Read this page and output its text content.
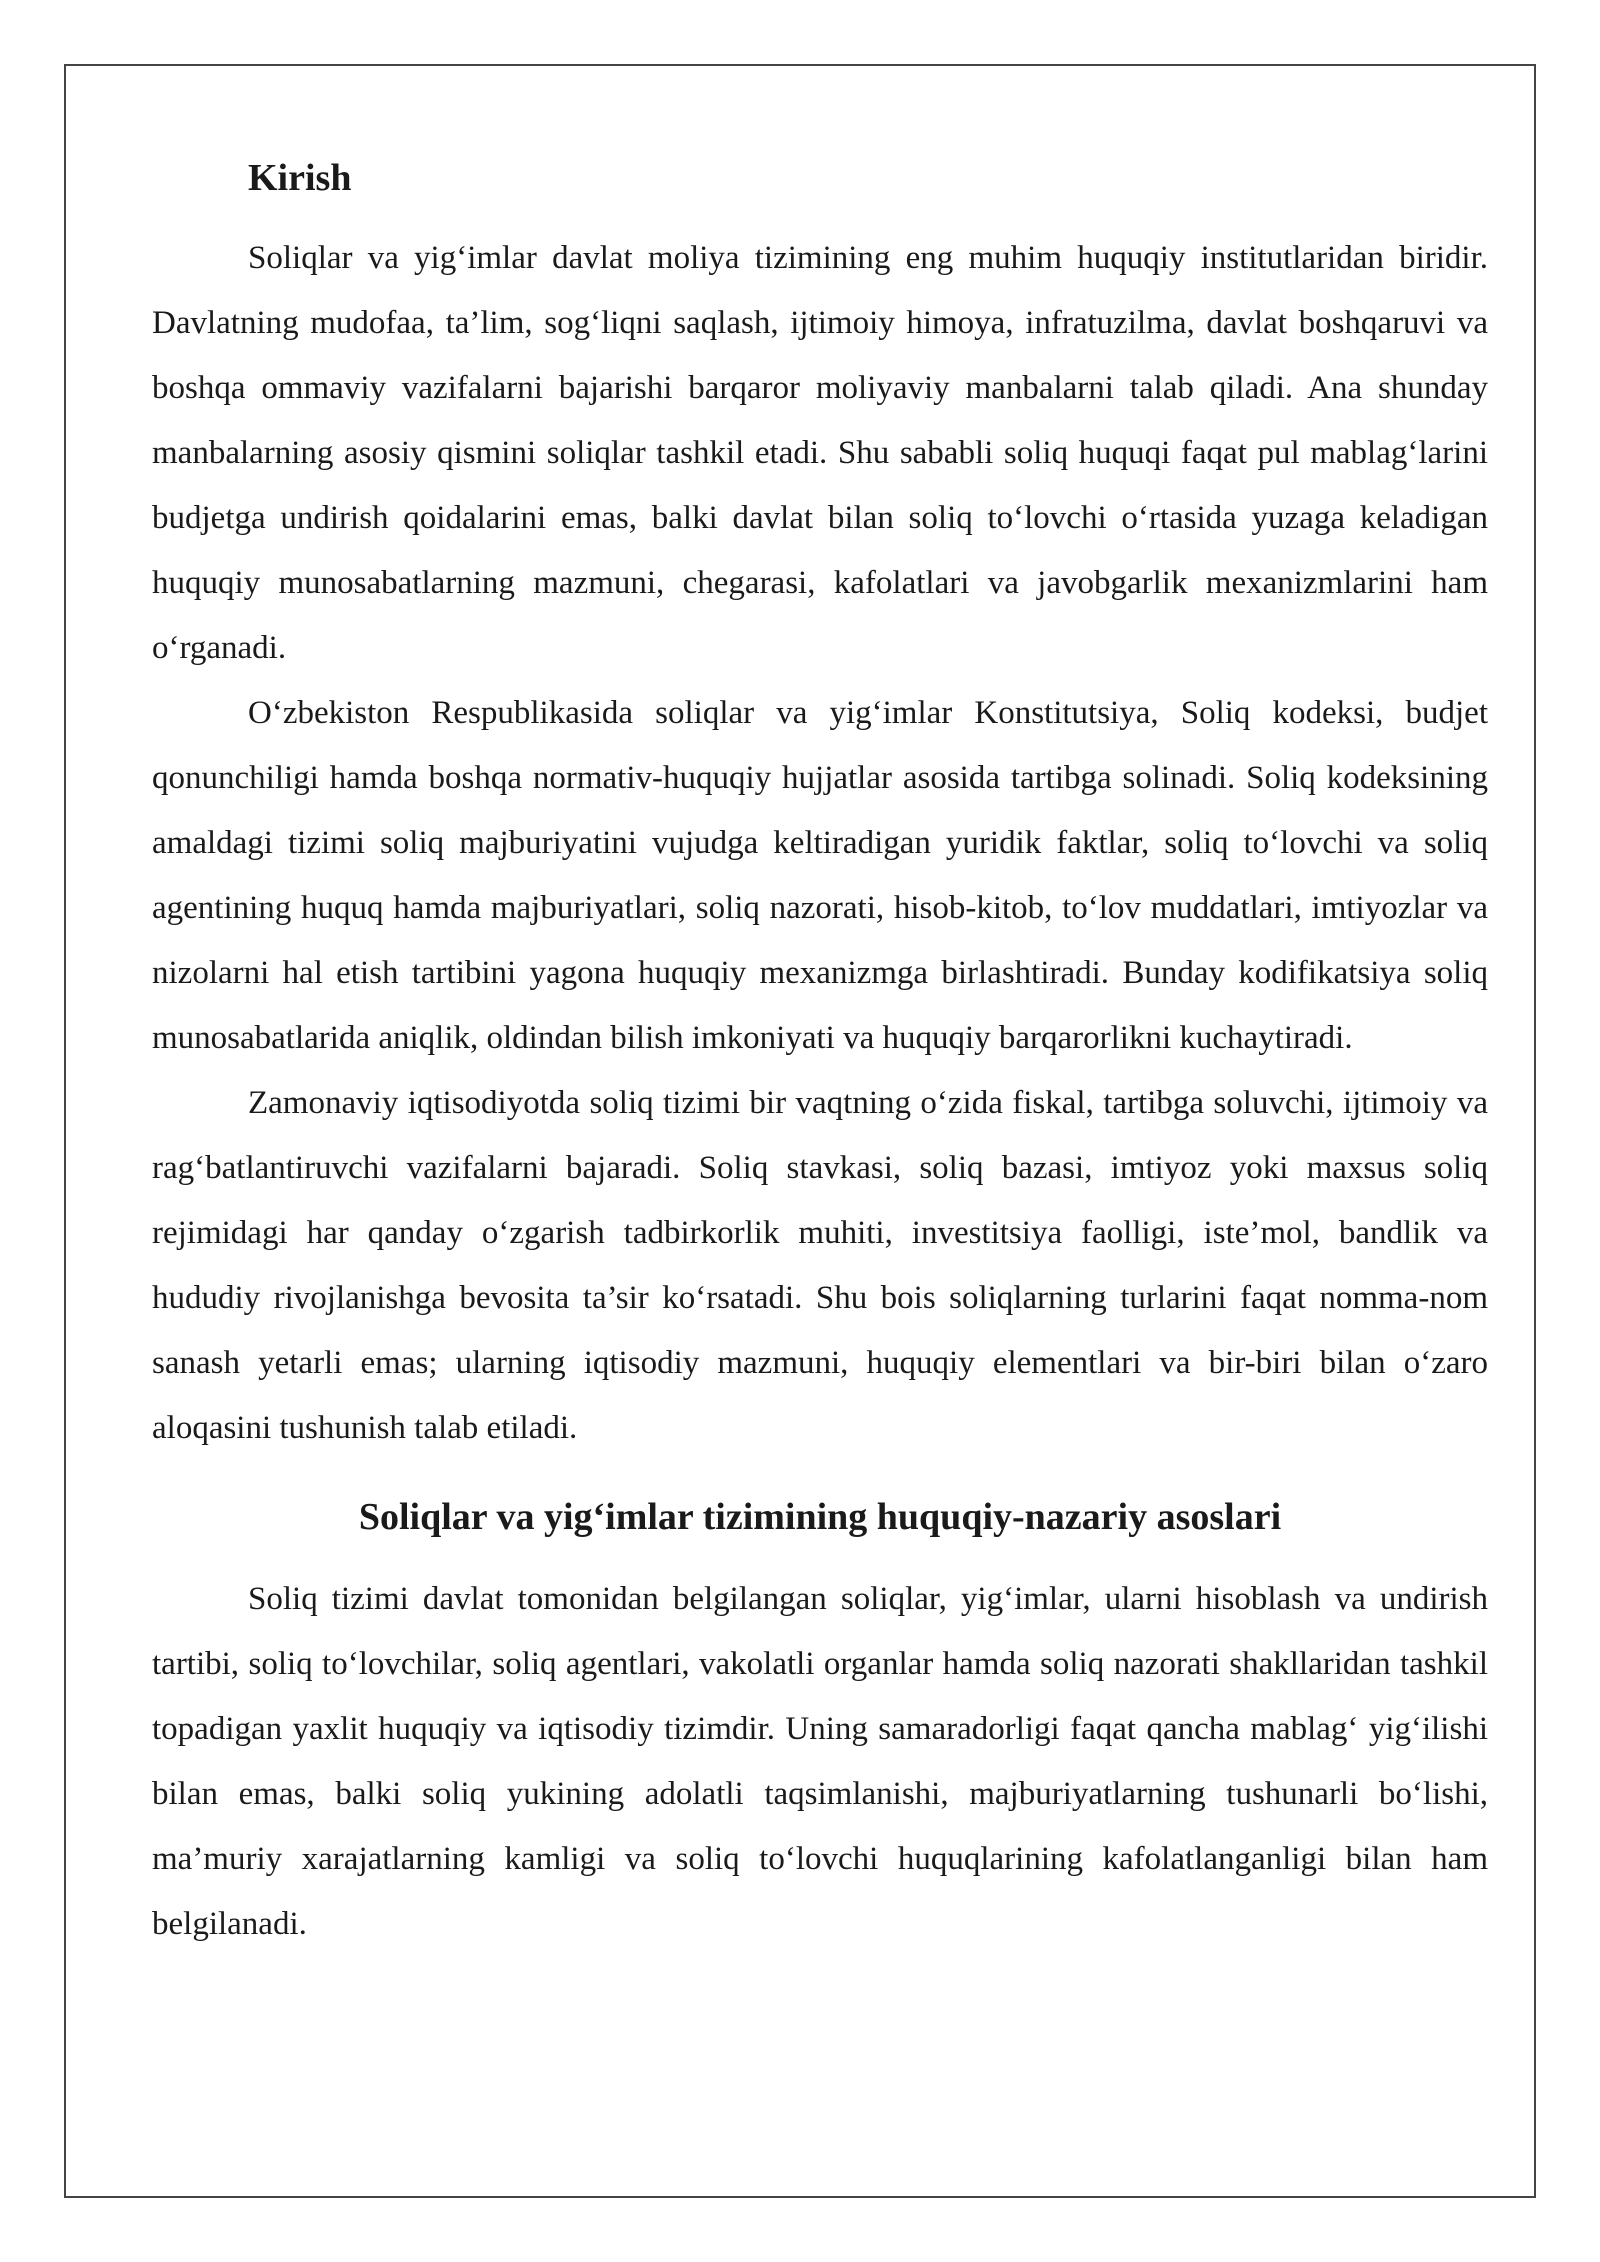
Kirish

Soliqlar va yig‘imlar davlat moliya tizimining eng muhim huquqiy institutlaridan biridir. Davlatning mudofaa, ta’lim, sog‘liqni saqlash, ijtimoiy himoya, infratuzilma, davlat boshqaruvi va boshqa ommaviy vazifalarni bajarishi barqaror moliyaviy manbalarni talab qiladi. Ana shunday manbalarning asosiy qismini soliqlar tashkil etadi. Shu sababli soliq huquqi faqat pul mablag‘larini budjetga undirish qoidalarini emas, balki davlat bilan soliq to‘lovchi o‘rtasida yuzaga keladigan huquqiy munosabatlarning mazmuni, chegarasi, kafolatlari va javobgarlik mexanizmlarini ham o‘rganadi.

O‘zbekiston Respublikasida soliqlar va yig‘imlar Konstitutsiya, Soliq kodeksi, budjet qonunchiligi hamda boshqa normativ-huquqiy hujjatlar asosida tartibga solinadi. Soliq kodeksining amaldagi tizimi soliq majburiyatini vujudga keltiradigan yuridik faktlar, soliq to‘lovchi va soliq agentining huquq hamda majburiyatlari, soliq nazorati, hisob-kitob, to‘lov muddatlari, imtiyozlar va nizolarni hal etish tartibini yagona huquqiy mexanizmga birlashtiradi. Bunday kodifikatsiya soliq munosabatlarida aniqlik, oldindan bilish imkoniyati va huquqiy barqarorlikni kuchaytiradi.

Zamonaviy iqtisodiyotda soliq tizimi bir vaqtning o‘zida fiskal, tartibga soluvchi, ijtimoiy va rag‘batlantiruvchi vazifalarni bajaradi. Soliq stavkasi, soliq bazasi, imtiyoz yoki maxsus soliq rejimidagi har qanday o‘zgarish tadbirkorlik muhiti, investitsiya faolligi, iste’mol, bandlik va hududiy rivojlanishga bevosita ta’sir ko‘rsatadi. Shu bois soliqlarning turlarini faqat nomma-nom sanash yetarli emas; ularning iqtisodiy mazmuni, huquqiy elementlari va bir-biri bilan o‘zaro aloqasini tushunish talab etiladi.

Soliqlar va yig‘imlar tizimining huquqiy-nazariy asoslari

Soliq tizimi davlat tomonidan belgilangan soliqlar, yig‘imlar, ularni hisoblash va undirish tartibi, soliq to‘lovchilar, soliq agentlari, vakolatli organlar hamda soliq nazorati shakllaridan tashkil topadigan yaxlit huquqiy va iqtisodiy tizimdir. Uning samaradorligi faqat qancha mablag‘ yig‘ilishi bilan emas, balki soliq yukining adolatli taqsimlanishi, majburiyatlarning tushunarli bo‘lishi, ma’muriy xarajatlarning kamligi va soliq to‘lovchi huquqlarining kafolatlanganligi bilan ham belgilanadi.
